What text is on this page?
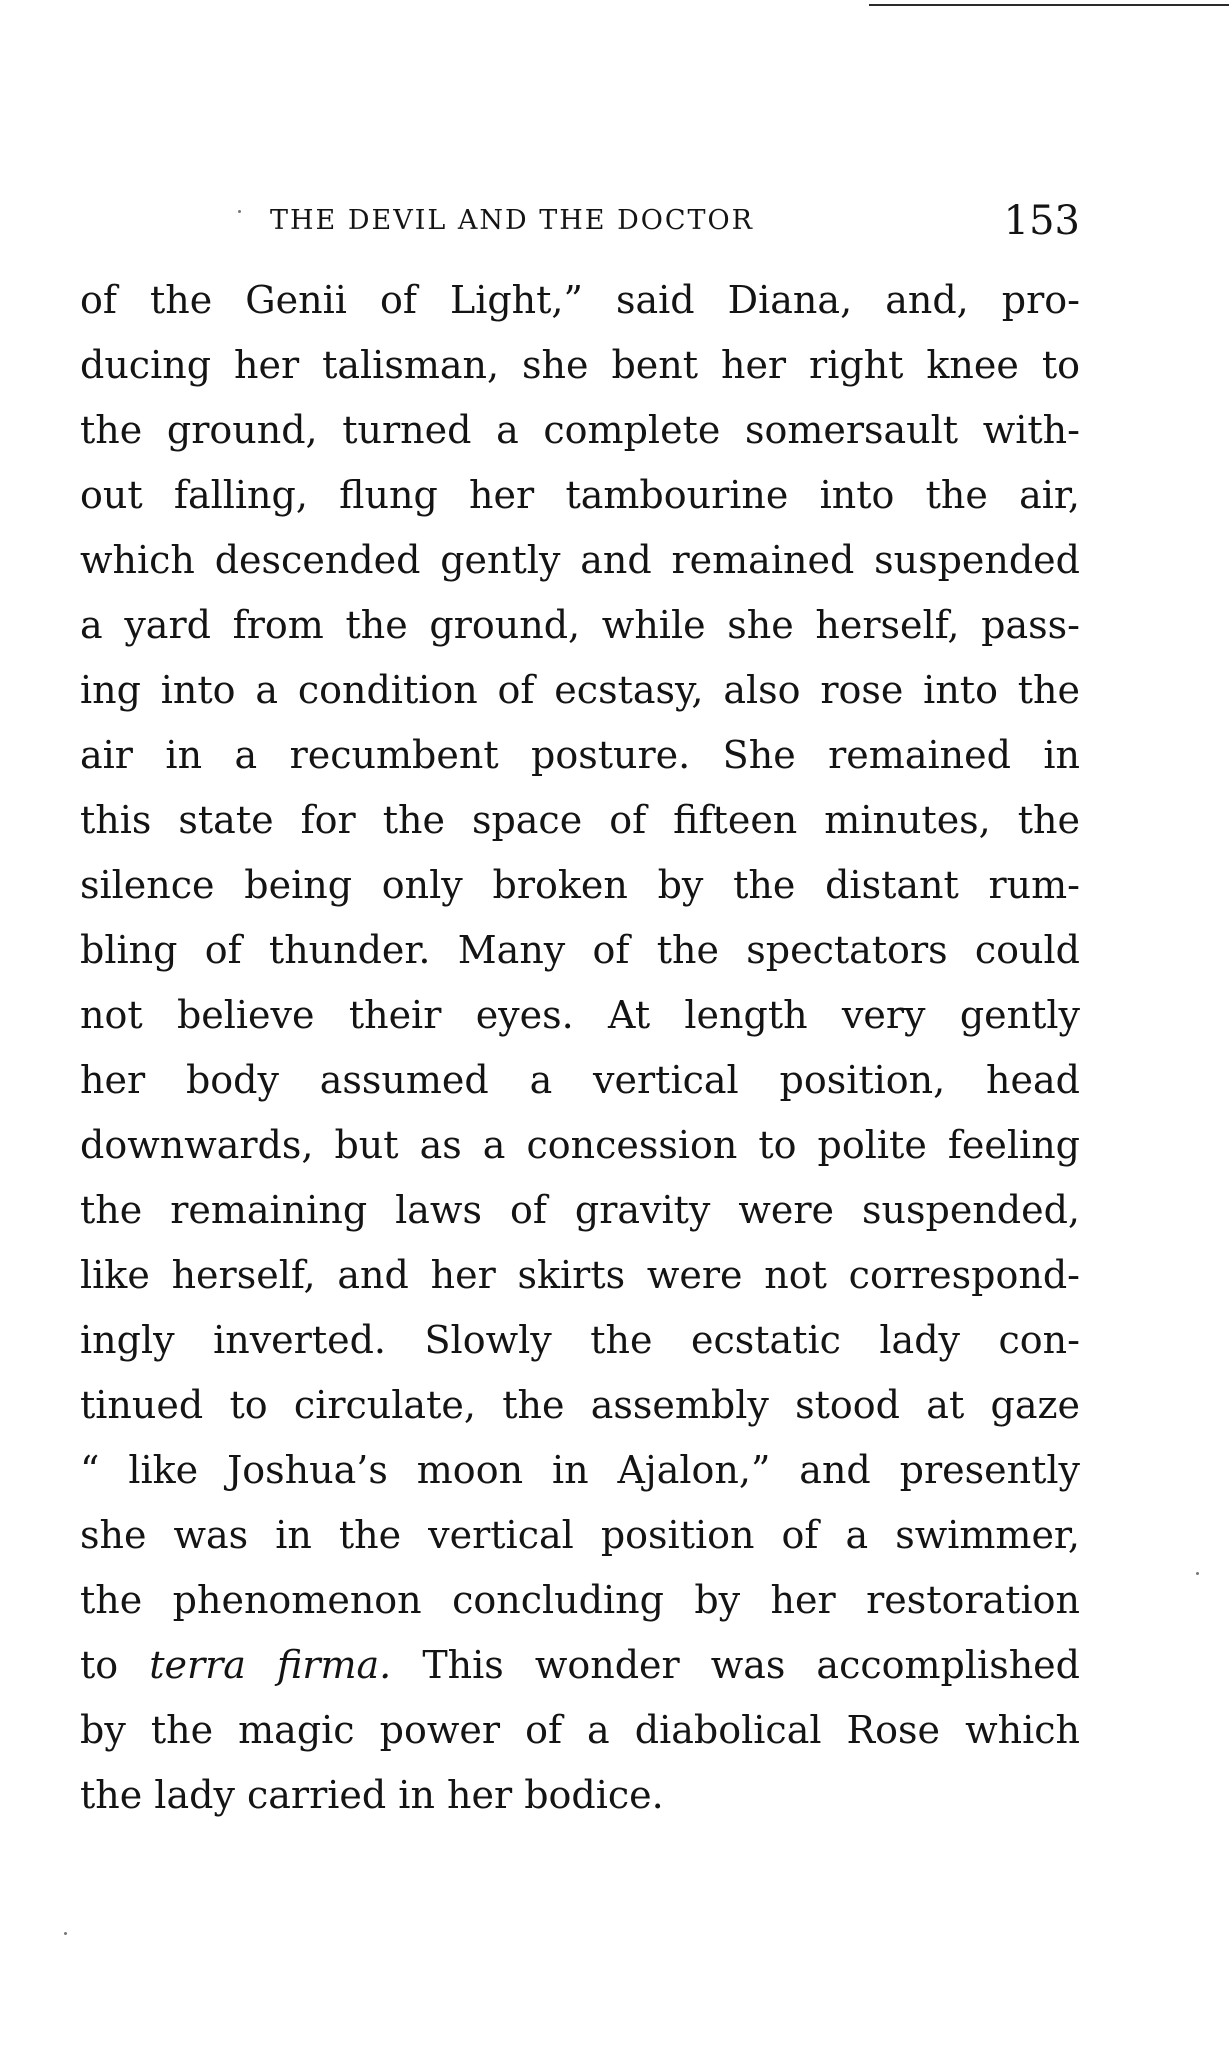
THE DEVIL AND THE DOCTOR	153
of the Genii of Light,” said Diana, and, pro-
ducing her talisman, she bent her right knee to
the ground, turned a complete somersault with-
out falling, flung her tambourine into the air,
which descended gently and remained suspended
a yard from the ground, while she herself, pass-
ing into a condition of ecstasy, also rose into the
air in a recumbent posture. She remained in
this state for the space of fifteen minutes, the
silence being only broken by the distant rum-
bling of thunder. Many of the spectators could
not believe their eyes. At length very gently
her body assumed a vertical position, head
downwards, but as a concession to polite feeling
the remaining laws of gravity were suspended,
like herself, and her skirts were not correspond-
ingly inverted. Slowly the ecstatic lady con-
tinued to circulate, the assembly stood at gaze
“ like Joshua’s moon in Ajalon,” and presently
she was in the vertical position of a swimmer,
the phenomenon concluding by her restoration
to terra firma. This wonder was accomplished
by the magic power of a diabolical Rose which
the lady carried in her bodice.
